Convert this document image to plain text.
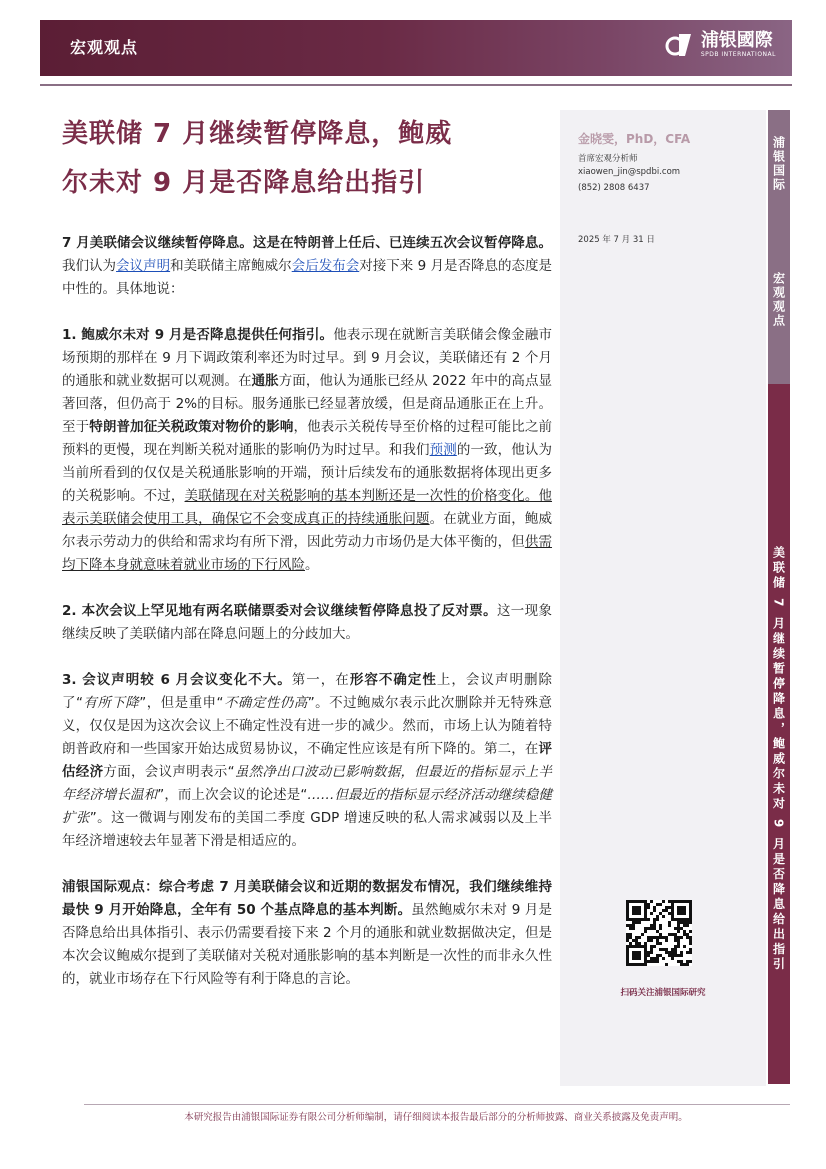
宏观观点	浦银國際
SPDB INTERNATIONAL
美联储 7 月继续暂停降息，鲍威
尔未对 9 月是否降息给出指引
金晓雯，PhD，CFA
首席宏观分析师
xiaowen_jin@spdbi.com
(852) 2808 6437
2025 年 7 月 31 日
扫码关注浦银国际研究
浦银国际
宏观观点
美联储 7 月继续暂停降息，鲍威尔未对 9 月是否降息给出指引

7 月美联储会议继续暂停降息。这是在特朗普上任后、已连续五次会议暂停降息。我们认为会议声明和美联储主席鲍威尔会后发布会对接下来 9 月是否降息的态度是中性的。具体地说：

1. 鲍威尔未对 9 月是否降息提供任何指引。他表示现在就断言美联储会像金融市场预期的那样在 9 月下调政策利率还为时过早。到 9 月会议，美联储还有 2 个月的通胀和就业数据可以观测。在通胀方面，他认为通胀已经从 2022 年中的高点显著回落，但仍高于 2%的目标。服务通胀已经显著放缓，但是商品通胀正在上升。至于特朗普加征关税政策对物价的影响，他表示关税传导至价格的过程可能比之前预料的更慢，现在判断关税对通胀的影响仍为时过早。和我们预测的一致，他认为当前所看到的仅仅是关税通胀影响的开端，预计后续发布的通胀数据将体现出更多的关税影响。不过，美联储现在对关税影响的基本判断还是一次性的价格变化。他表示美联储会使用工具，确保它不会变成真正的持续通胀问题。在就业方面，鲍威尔表示劳动力的供给和需求均有所下滑，因此劳动力市场仍是大体平衡的，但供需均下降本身就意味着就业市场的下行风险。

2. 本次会议上罕见地有两名联储票委对会议继续暂停降息投了反对票。这一现象继续反映了美联储内部在降息问题上的分歧加大。

3. 会议声明较 6 月会议变化不大。第一，在形容不确定性上，会议声明删除了“有所下降”，但是重申“不确定性仍高”。不过鲍威尔表示此次删除并无特殊意义，仅仅是因为这次会议上不确定性没有进一步的减少。然而，市场上认为随着特朗普政府和一些国家开始达成贸易协议，不确定性应该是有所下降的。第二，在评估经济方面，会议声明表示“虽然净出口波动已影响数据，但最近的指标显示上半年经济增长温和”，而上次会议的论述是“……但最近的指标显示经济活动继续稳健扩张”。这一微调与刚发布的美国二季度 GDP 增速反映的私人需求减弱以及上半年经济增速较去年显著下滑是相适应的。

浦银国际观点：综合考虑 7 月美联储会议和近期的数据发布情况，我们继续维持最快 9 月开始降息，全年有 50 个基点降息的基本判断。虽然鲍威尔未对 9 月是否降息给出具体指引、表示仍需要看接下来 2 个月的通胀和就业数据做决定，但是本次会议鲍威尔提到了美联储对关税对通胀影响的基本判断是一次性的而非永久性的，就业市场存在下行风险等有利于降息的言论。

本研究报告由浦银国际证券有限公司分析师编制，请仔细阅读本报告最后部分的分析师披露、商业关系披露及免责声明。
